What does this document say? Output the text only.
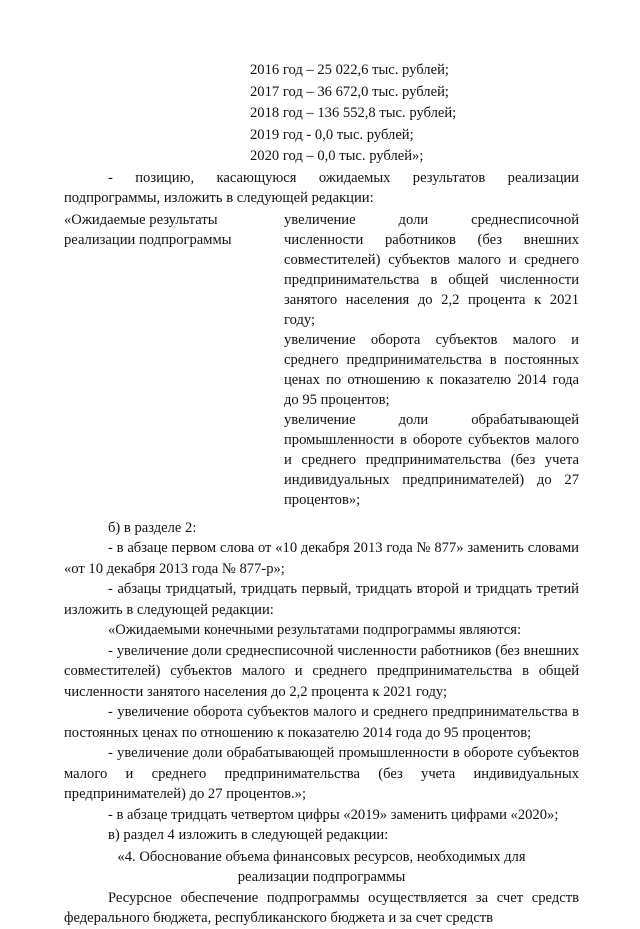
2016 год – 25 022,6 тыс. рублей;
2017 год – 36 672,0 тыс. рублей;
2018 год – 136 552,8 тыс. рублей;
2019 год - 0,0 тыс. рублей;
2020 год – 0,0 тыс. рублей»;
- позицию, касающуюся ожидаемых результатов реализации

подпрограммы, изложить в следующей редакции:

«Ожидаемые результаты реализации подпрограммы
увеличение доли среднесписочной численности работников (без внешних совместителей) субъектов малого и среднего предпринимательства в общей численности занятого населения до 2,2 процента к 2021 году;
увеличение оборота субъектов малого и среднего предпринимательства в постоянных ценах по отношению к показателю 2014 года до 95 процентов;
увеличение доли обрабатывающей промышленности в обороте субъектов малого и среднего предпринимательства (без учета индивидуальных предпринимателей) до 27 процентов»;

б) в разделе 2:

- в абзаце первом слова от «10 декабря 2013 года № 877» заменить словами «от 10 декабря 2013 года № 877-р»;

- абзацы тридцатый, тридцать первый, тридцать второй и тридцать третий изложить в следующей редакции:

«Ожидаемыми конечными результатами подпрограммы являются:

- увеличение доли среднесписочной численности работников (без внешних совместителей) субъектов малого и среднего предпринимательства в общей численности занятого населения до 2,2 процента к 2021 году;

- увеличение оборота субъектов малого и среднего предпринимательства в постоянных ценах по отношению к показателю 2014 года до 95 процентов;

- увеличение доли обрабатывающей промышленности в обороте субъектов малого и среднего предпринимательства (без учета индивидуальных предпринимателей) до 27 процентов.»;

- в абзаце тридцать четвертом цифры «2019» заменить цифрами «2020»;

в) раздел 4 изложить в следующей редакции:

«4. Обоснование объема финансовых ресурсов, необходимых для
реализации подпрограммы

Ресурсное обеспечение подпрограммы осуществляется за счет средств федерального бюджета, республиканского бюджета и за счет средств
